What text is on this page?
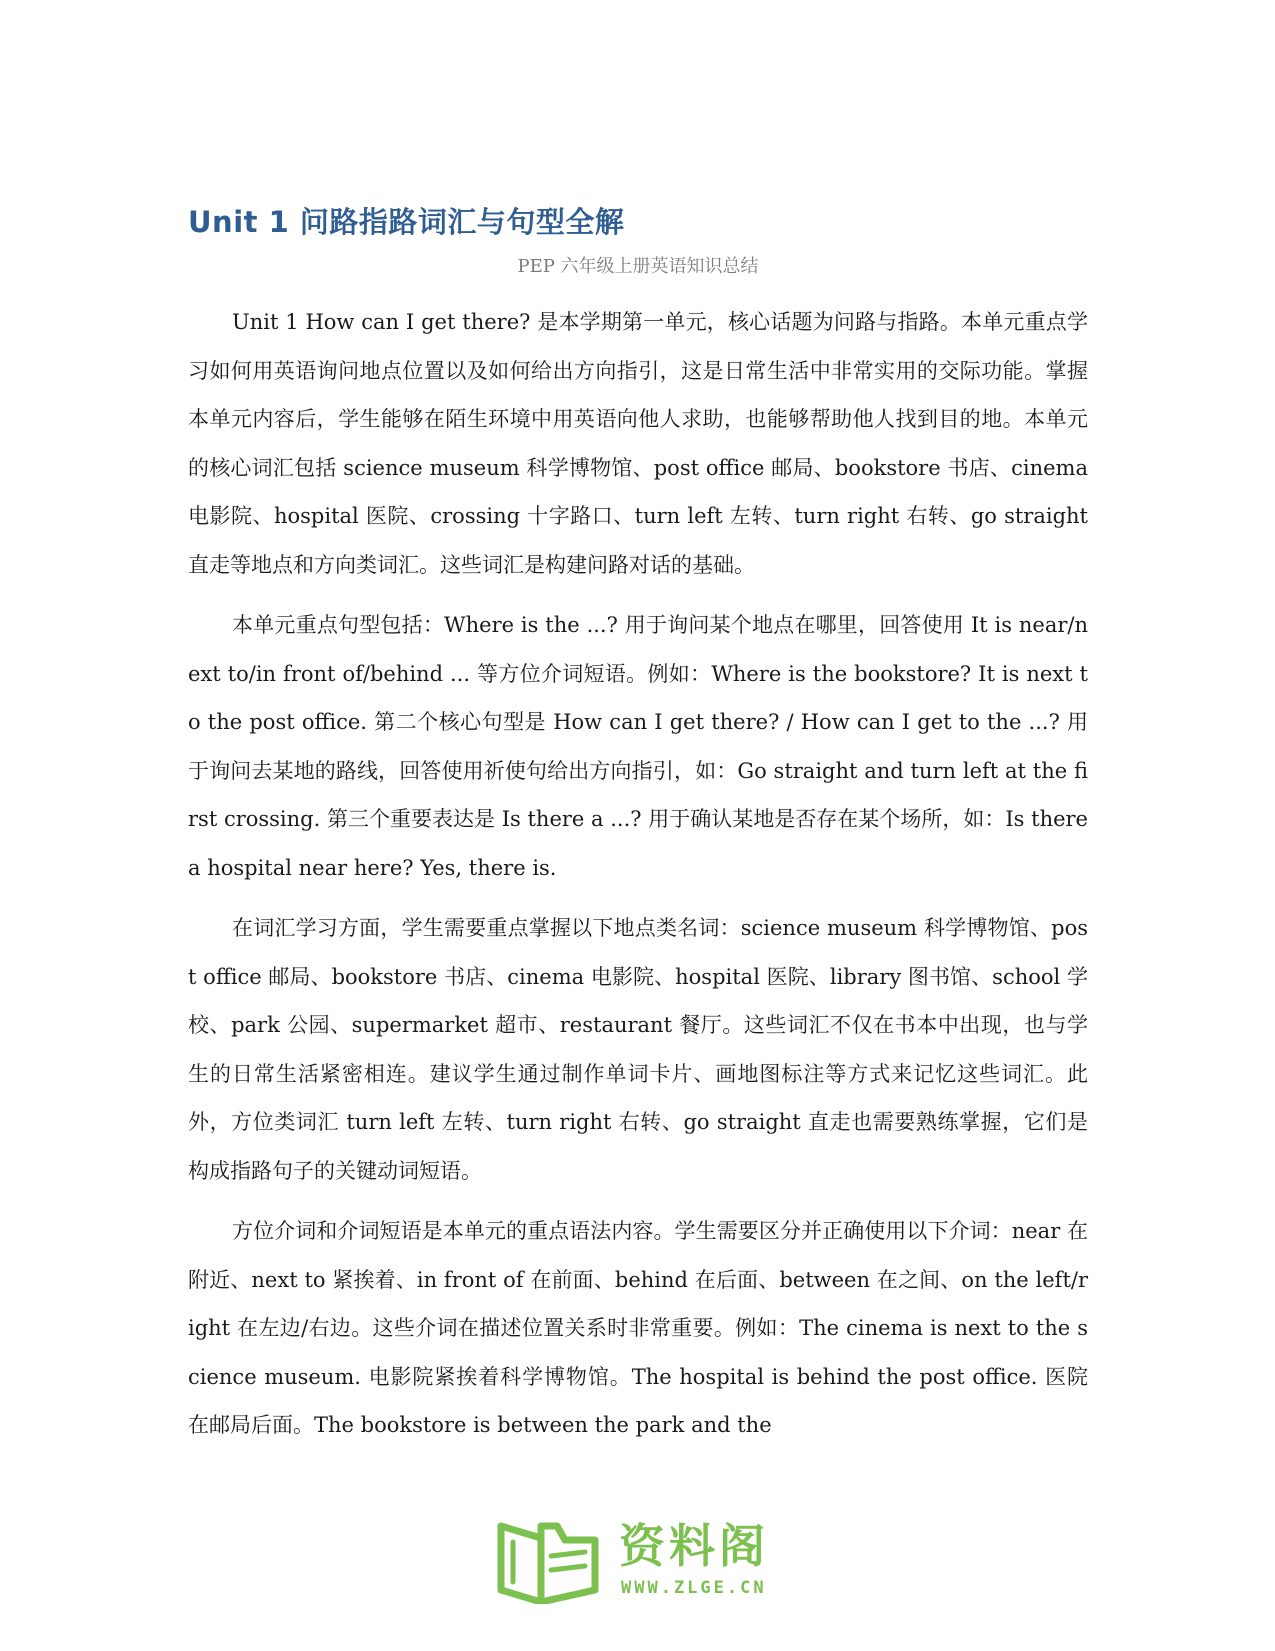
Unit 1 问路指路词汇与句型全解
PEP 六年级上册英语知识总结

Unit 1 How can I get there? 是本学期第一单元，核心话题为问路与指路。本单元重点学习如何用英语询问地点位置以及如何给出方向指引，这是日常生活中非常实用的交际功能。掌握本单元内容后，学生能够在陌生环境中用英语向他人求助，也能够帮助他人找到目的地。本单元的核心词汇包括 science museum 科学博物馆、post office 邮局、bookstore 书店、cinema 电影院、hospital 医院、crossing 十字路口、turn left 左转、turn right 右转、go straight 直走等地点和方向类词汇。这些词汇是构建问路对话的基础。

本单元重点句型包括：Where is the ...? 用于询问某个地点在哪里，回答使用 It is near/next to/in front of/behind ... 等方位介词短语。例如：Where is the bookstore? It is next to the post office. 第二个核心句型是 How can I get there? / How can I get to the ...? 用于询问去某地的路线，回答使用祈使句给出方向指引，如：Go straight and turn left at the first crossing. 第三个重要表达是 Is there a ...? 用于确认某地是否存在某个场所，如：Is there a hospital near here? Yes, there is.

在词汇学习方面，学生需要重点掌握以下地点类名词：science museum 科学博物馆、post office 邮局、bookstore 书店、cinema 电影院、hospital 医院、library 图书馆、school 学校、park 公园、supermarket 超市、restaurant 餐厅。这些词汇不仅在书本中出现，也与学生的日常生活紧密相连。建议学生通过制作单词卡片、画地图标注等方式来记忆这些词汇。此外，方位类词汇 turn left 左转、turn right 右转、go straight 直走也需要熟练掌握，它们是构成指路句子的关键动词短语。

方位介词和介词短语是本单元的重点语法内容。学生需要区分并正确使用以下介词：near 在附近、next to 紧挨着、in front of 在前面、behind 在后面、between 在之间、on the left/right 在左边/右边。这些介词在描述位置关系时非常重要。例如：The cinema is next to the science museum. 电影院紧挨着科学博物馆。The hospital is behind the post office. 医院在邮局后面。The bookstore is between the park and the

资料阁
WWW.ZLGE.CN
